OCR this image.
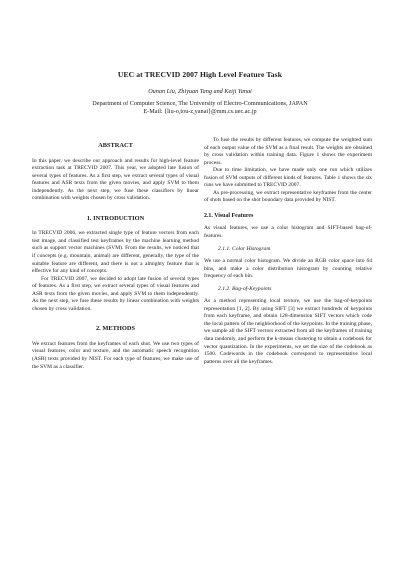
UEC at TRECVID 2007 High Level Feature Task
Ounan Liu, Zhiyuan Tang and Keiji Yanai
Department of Computer Science, The University of Electro-Communications, JAPAN
E-Mail: {liu-o,tou-z,yanai}@mm.cs.uec.ac.jp

ABSTRACT

In this paper, we describe our approach and results for high-level feature extraction task at TRECVID 2007. This year, we adopted late fusion of several types of features. As a first step, we extract several types of visual features and ASR texts from the given movies, and apply SVM to them independently. As the next step, we fuse these classifiers by linear combination with weights chosen by cross validation.

1. INTRODUCTION

In TRECVID 2006, we extracted single type of feature vectors from each test image, and classified test keyframes by the machine learning method such as support vector machines (SVM). From the results, we noticed that if concepts (e.g. mountain, animal) are different, generally, the type of the suitable feature are different, and there is not a almighty feature that is effective for any kind of concepts.

For TRECVID 2007, we decided to adopt late fusion of several types of features. As a first step, we extract several types of visual features and ASR texts from the given movies, and apply SVM to them independently. As the next step, we fuse these results by linear combination with weights chosen by cross validation.

2. METHODS

We extract features from the keyframes of each shot. We use two types of visual features, color and texture, and the automatic speech recognition (ASR) texts provided by NIST. For each type of features, we make use of the SVM as a classifier.

To fuse the results by different features, we compute the weighted sum of each output value of the SVM as a final result. The weights are obtained by cross validation within training data. Figure 1 shows the experiment process.

Due to time limitation, we have made only one run which utilizes fusion of SVM outputs of different kinds of features. Table 1 shows the six runs we have submitted to TRECVID 2007.

As pre-processing, we extract representative keyframes from the center of shots based on the shot boundary data provided by NIST.

2.1. Visual Features

As visual features, we use a color histogram and SIFT-based bag-of-features.

2.1.1. Color Histogram

We use a normal color histogram. We divide an RGB color space into 64 bins, and make a color distribution histogram by counting relative frequency of each bin.

2.1.2. Bag-of-Keypoints

As a method representing local texture, we use the bag-of-keypoints representation [1, 2]. By using SIFT [3] we extract hundreds of keypoints from each keyframe, and obtain 128-dimension SIFT vectors which code the local pattern of the neighborhood of the keypoints. In the training phase, we sample all the SIFT vectors extracted from all the keyframes of training data randomly, and perform the k-means clustering to obtain a codebook for vector quantization. In the experiments, we set the size of the codebook as 1500. Codewords in the codebook correspond to representative local patterns over all the keyframes.
